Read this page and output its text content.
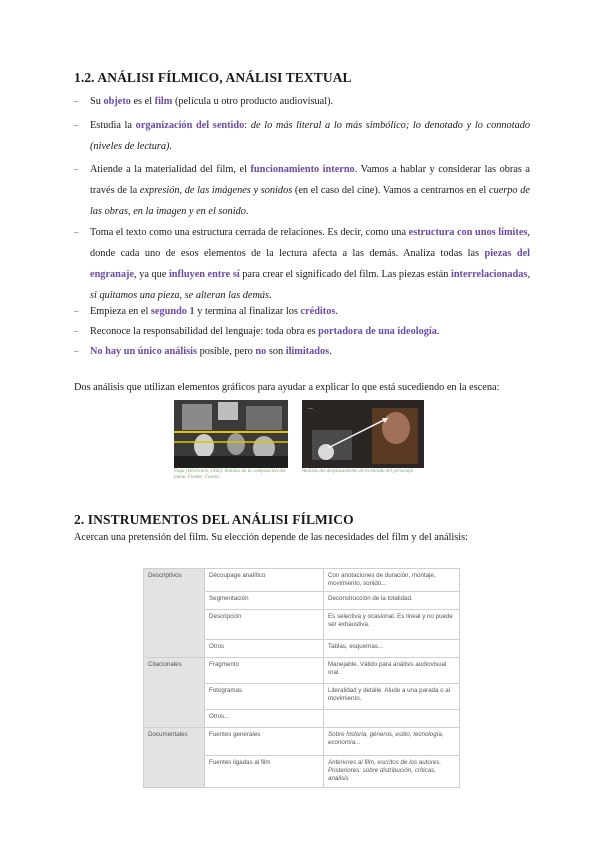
1.2. ANÁLISI FÍLMICO, ANÁLISI TEXTUAL
– Su objeto es el film (película u otro producto audiovisual).
– Estudia la organización del sentido: de lo más literal a lo más simbólico; lo denotado y lo connotado (niveles de lectura).
– Atiende a la materialidad del film, el funcionamiento interno. Vamos a hablar y considerar las obras a través de la expresión, de las imágenes y sonidos (en el caso del cine). Vamos a centrarnos en el cuerpo de las obras, en la imagen y en el sonido.
– Toma el texto como una estructura cerrada de relaciones. Es decir, como una estructura con unos límites, donde cada uno de esos elementos de la lectura afecta a las demás. Analiza todas las piezas del engranaje, ya que influyen entre sí para crear el significado del film. Las piezas están interrelacionadas, si quitamos una pieza, se alteran las demás.
– Empieza en el segundo 1 y termina al finalizar los créditos.
– Reconoce la responsabilidad del lenguaje: toda obra es portadora de una ideología.
– No hay un único análisis posible, pero no son ilimitados.
Dos análisis que utilizan elementos gráficos para ayudar a explicar lo que está sucediendo en la escena:
Fuga (Hitchcock, 1942). Análisis de la composición del plano. Fuente: Casetti.
—
Análisis del desplazamiento de la mirada del personaje.
2. INSTRUMENTOS DEL ANÁLISI FÍLMICO
Acercan una pretensión del film. Su elección depende de las necesidades del film y del análisis:
Descriptivos	Découpage analítico	Con anotaciones de duración, montaje, movimiento, sonido...
	Segmentación	Deconstrucción de la totalidad.
	Descripción	Es selectiva y ocasional. Es lineal y no puede ser exhaustiva.
	Otros	Tablas, esquemas...
Citacionales	Fragmento	Manejable. Válido para análisis audiovisual oral.
	Fotogramas	Literalidad y detalle. Alude a una parada o al movimiento.
	Otros...	
Documentales	Fuentes generales	Sobre historia, géneros, estilo, tecnología, economía...
	Fuentes ligadas al film	Anteriores al film, escritos de los autores. Posteriores: sobre distribución, críticas, análisis
